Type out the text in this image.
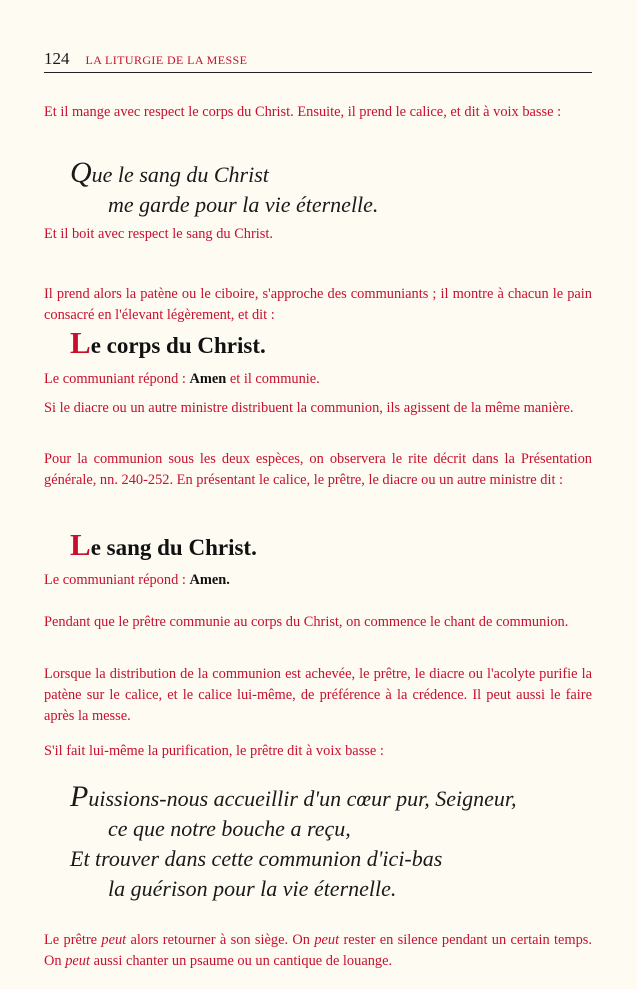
124 LA LITURGIE DE LA MESSE
Et il mange avec respect le corps du Christ. Ensuite, il prend le calice, et dit à voix basse :
Que le sang du Christ
me garde pour la vie éternelle.
Et il boit avec respect le sang du Christ.
Il prend alors la patène ou le ciboire, s'approche des communiants ; il montre à chacun le pain consacré en l'élevant légèrement, et dit :
Le corps du Christ.
Le communiant répond : Amen et il communie.
Si le diacre ou un autre ministre distribuent la communion, ils agissent de la même manière.
Pour la communion sous les deux espèces, on observera le rite décrit dans la Présentation générale, nn. 240-252. En présentant le calice, le prêtre, le diacre ou un autre ministre dit :
Le sang du Christ.
Le communiant répond : Amen.
Pendant que le prêtre communie au corps du Christ, on commence le chant de communion.
Lorsque la distribution de la communion est achevée, le prêtre, le diacre ou l'acolyte purifie la patène sur le calice, et le calice lui-même, de préférence à la crédence. Il peut aussi le faire après la messe.
S'il fait lui-même la purification, le prêtre dit à voix basse :
Puissions-nous accueillir d'un cœur pur, Seigneur,
ce que notre bouche a reçu,
Et trouver dans cette communion d'ici-bas
la guérison pour la vie éternelle.
Le prêtre peut alors retourner à son siège. On peut rester en silence pendant un certain temps. On peut aussi chanter un psaume ou un cantique de louange.
